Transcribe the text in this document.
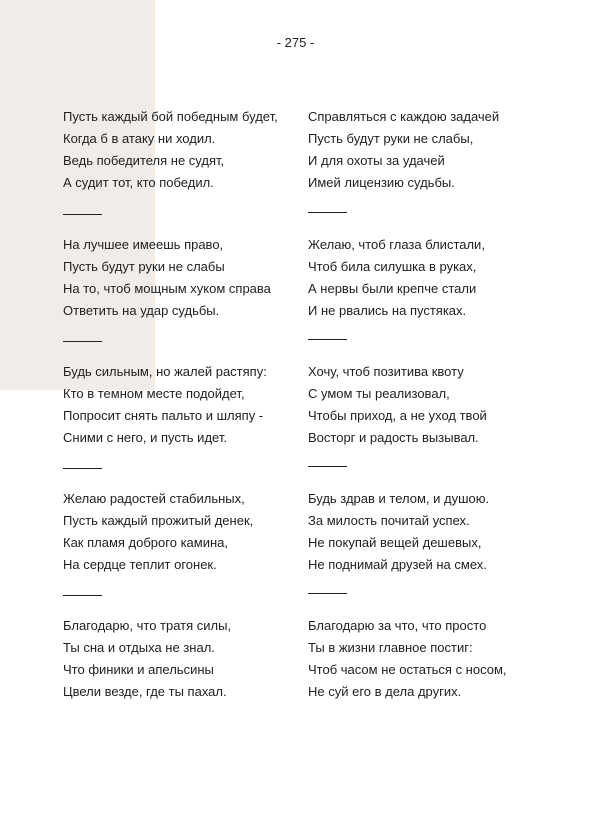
- 275 -
Пусть каждый бой победным будет,
Когда б в атаку ни ходил.
Ведь победителя не судят,
А судит тот, кто победил.
На лучшее имеешь право,
Пусть будут руки не слабы
На то, чтоб мощным хуком справа
Ответить на удар судьбы.
Будь сильным, но жалей растяпу:
Кто в темном месте подойдет,
Попросит снять пальто и шляпу -
Сними с него, и пусть идет.
Желаю радостей стабильных,
Пусть каждый прожитый денек,
Как пламя доброго камина,
На сердце теплит огонек.
Благодарю, что тратя силы,
Ты сна и отдыха не знал.
Что финики и апельсины
Цвели везде, где ты пахал.
Справляться с каждою задачей
Пусть будут руки не слабы,
И для охоты за удачей
Имей лицензию судьбы.
Желаю, чтоб глаза блистали,
Чтоб била силушка в руках,
А нервы были крепче стали
И не рвались на пустяках.
Хочу, чтоб позитива квоту
С умом ты реализовал,
Чтобы приход, а не уход твой
Восторг и радость вызывал.
Будь здрав и телом, и душою.
За милость почитай успех.
Не покупай вещей дешевых,
Не поднимай друзей на смех.
Благодарю за что, что просто
Ты в жизни главное постиг:
Чтоб часом не остаться с носом,
Не суй его в дела других.
